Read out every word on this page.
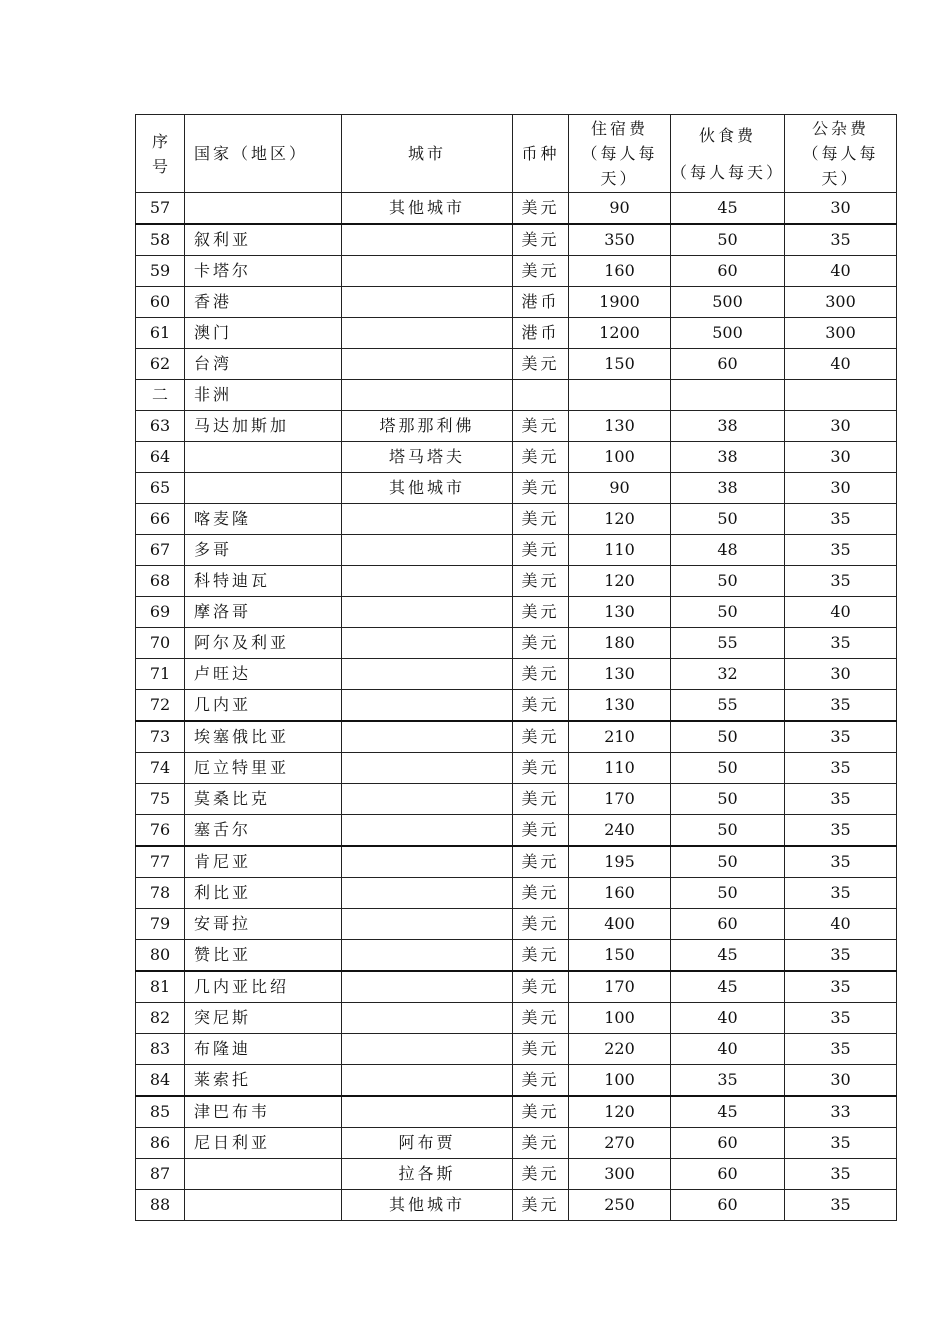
序
号	国家（地区）	城市	币种	住宿费
（每人每
天）	伙食费
（每人每天）	公杂费
（每人每
天）

57		其他城市	美元	90	45	30
58	叙利亚		美元	350	50	35
59	卡塔尔		美元	160	60	40
60	香港		港币	1900	500	300
61	澳门		港币	1200	500	300
62	台湾		美元	150	60	40
二	非洲					
63	马达加斯加	塔那那利佛	美元	130	38	30
64		塔马塔夫	美元	100	38	30
65		其他城市	美元	90	38	30
66	喀麦隆		美元	120	50	35
67	多哥		美元	110	48	35
68	科特迪瓦		美元	120	50	35
69	摩洛哥		美元	130	50	40
70	阿尔及利亚		美元	180	55	35
71	卢旺达		美元	130	32	30
72	几内亚		美元	130	55	35
73	埃塞俄比亚		美元	210	50	35
74	厄立特里亚		美元	110	50	35
75	莫桑比克		美元	170	50	35
76	塞舌尔		美元	240	50	35
77	肯尼亚		美元	195	50	35
78	利比亚		美元	160	50	35
79	安哥拉		美元	400	60	40
80	赞比亚		美元	150	45	35
81	几内亚比绍		美元	170	45	35
82	突尼斯		美元	100	40	35
83	布隆迪		美元	220	40	35
84	莱索托		美元	100	35	30
85	津巴布韦		美元	120	45	33
86	尼日利亚	阿布贾	美元	270	60	35
87		拉各斯	美元	300	60	35
88		其他城市	美元	250	60	35
